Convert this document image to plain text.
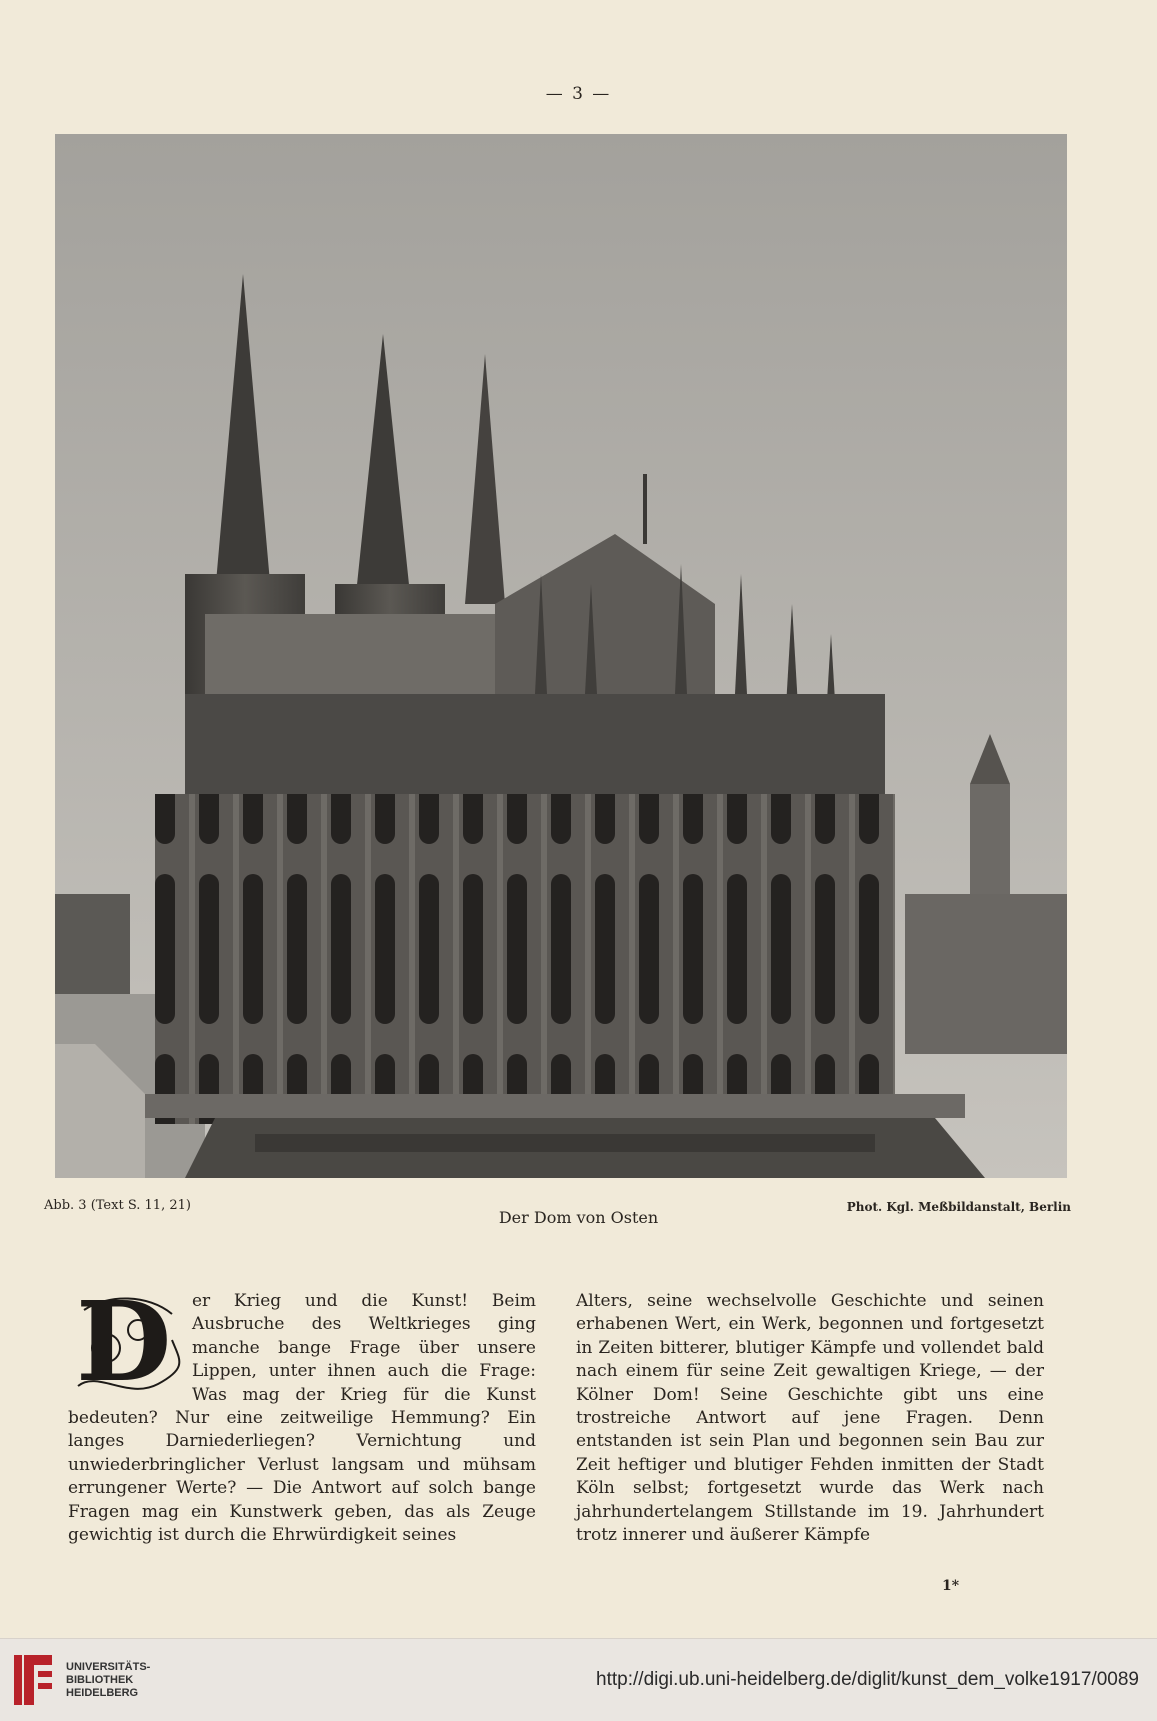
— 3 —
Abb. 3 (Text S. 11, 21)
Der Dom von Osten
Phot. Kgl. Meßbildanstalt, Berlin
D	er Krieg und die Kunst! Beim Ausbruche des Weltkrieges ging manche bange Frage über unsere Lippen, unter ihnen auch die Frage: Was mag der Krieg für die Kunst bedeuten? Nur eine zeitweilige Hemmung? Ein langes Darniederliegen? Vernichtung und unwiederbringlicher Verlust langsam und mühsam errungener Werte? — Die Antwort auf solch bange Fragen mag ein Kunstwerk geben, das als Zeuge gewichtig ist durch die Ehrwürdigkeit seines

Alters, seine wechselvolle Geschichte und seinen erhabenen Wert, ein Werk, begonnen und fortgesetzt in Zeiten bitterer, blutiger Kämpfe und vollendet bald nach einem für seine Zeit gewaltigen Kriege, — der Kölner Dom! Seine Geschichte gibt uns eine trostreiche Antwort auf jene Fragen. Denn entstanden ist sein Plan und begonnen sein Bau zur Zeit heftiger und blutiger Fehden inmitten der Stadt Köln selbst; fortgesetzt wurde das Werk nach jahrhundertelangem Stillstande im 19. Jahrhundert trotz innerer und äußerer Kämpfe

1*
UNIVERSITÄTS-
BIBLIOTHEK
HEIDELBERG
http://digi.ub.uni-heidelberg.de/diglit/kunst_dem_volke1917/0089
